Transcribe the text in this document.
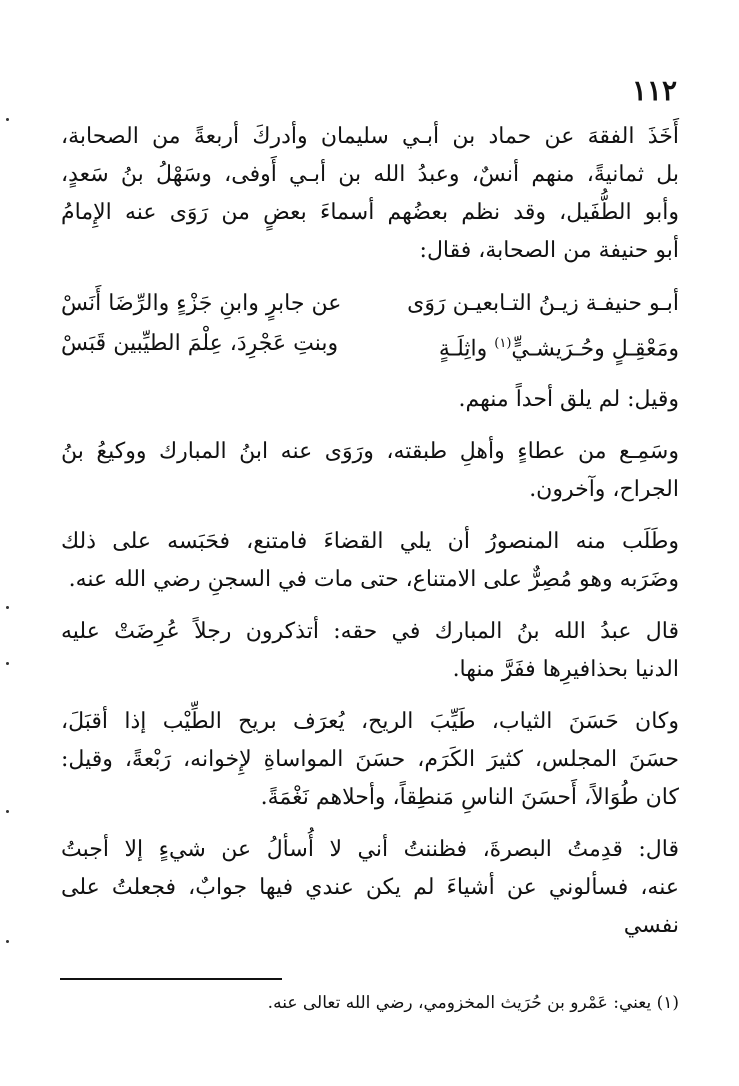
١١٢

أَخَذَ الفقهَ عن حماد بن أبـي سليمان وأدركَ أربعةً من الصحابة،
بل ثمانيةً، منهم أنسٌ، وعبدُ الله بن أبـي أَوفى، وسَهْلُ بنُ سَعدٍ،
وأبو الطُّفَيل، وقد نظم بعضُهم أسماءَ بعضٍ من رَوَى عنه الإِمامُ
أبو حنيفة من الصحابة، فقال:

أبـو حنيفـة زيـنُ التـابعيـن رَوَى
عن جابرٍ وابنِ جَزْءٍ والرِّضَا أَنَسْ
ومَعْقِـلٍ وحُـرَيشـيٍّ$^{(١)}$ واثِلَـةٍ
وبنتِ عَجْرِدَ، عِلْمَ الطيِّبين قَبَسْ

وقيل: لم يلق أحداً منهم.

وسَمِـع من عطاءٍ وأهلِ طبقته، ورَوَى عنه ابنُ المبارك ووكيعُ بنُ
الجراح، وآخرون.

وطَلَب منه المنصورُ أن يلي القضاءَ فامتنع، فحَبَسه على ذلك
وضَرَبه وهو مُصِرٌّ على الامتناع، حتى مات في السجنِ رضي الله عنه.

قال عبدُ الله بنُ المبارك في حقه: أتذكرون رجلاً عُرِضَتْ عليه
الدنيا بحذافيرِها ففَرَّ منها.

وكان حَسَنَ الثياب، طَيِّبَ الريح، يُعرَف بريح الطِّيْب إذا أقبَلَ،
حسَنَ المجلس، كثيرَ الكَرَم، حسَنَ المواساةِ لإِخوانه، رَبْعةً، وقيل:
كان طُوَالاً، أَحسَنَ الناسِ مَنطِقاً، وأحلاهم نَغْمَةً.

قال: قدِمتُ البصرةَ، فظننتُ أني لا أُسألُ عن شيءٍ إلا أجبتُ
عنه، فسألوني عن أشياءَ لم يكن عندي فيها جوابٌ، فجعلتُ على نفسي

(١) يعني: عَمْرو بن حُرَيث المخزومي، رضي الله تعالى عنه.
